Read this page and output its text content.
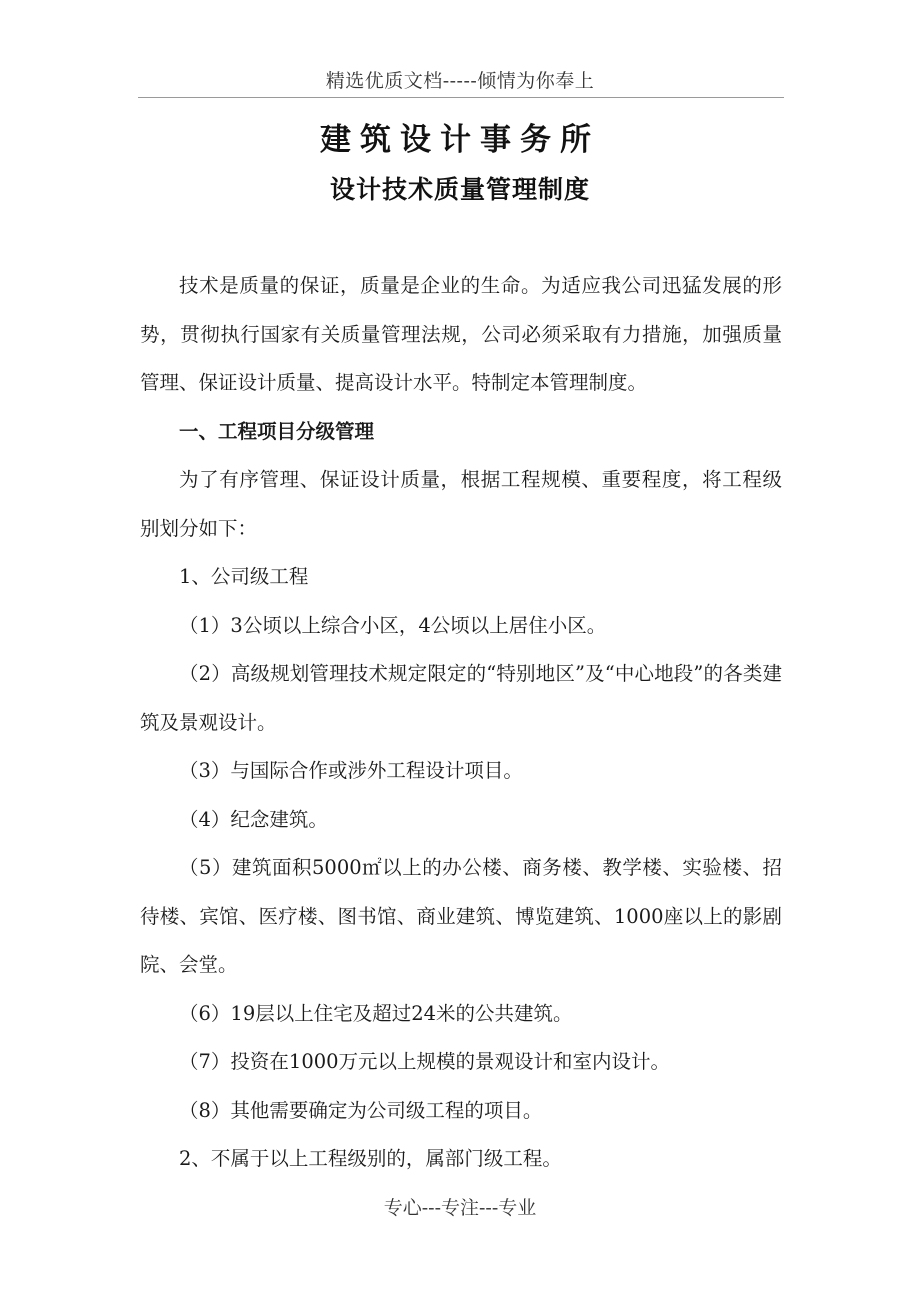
精选优质文档-----倾情为你奉上
建筑设计事务所
设计技术质量管理制度

技术是质量的保证，质量是企业的生命。为适应我公司迅猛发展的形势，贯彻执行国家有关质量管理法规，公司必须采取有力措施，加强质量管理、保证设计质量、提高设计水平。特制定本管理制度。

一、工程项目分级管理

为了有序管理、保证设计质量，根据工程规模、重要程度，将工程级别划分如下：

1、公司级工程

（1）3公顷以上综合小区，4公顷以上居住小区。

（2）高级规划管理技术规定限定的“特别地区”及“中心地段”的各类建筑及景观设计。

（3）与国际合作或涉外工程设计项目。

（4）纪念建筑。

（5）建筑面积5000㎡以上的办公楼、商务楼、教学楼、实验楼、招待楼、宾馆、医疗楼、图书馆、商业建筑、博览建筑、1000座以上的影剧院、会堂。

（6）19层以上住宅及超过24米的公共建筑。

（7）投资在1000万元以上规模的景观设计和室内设计。

（8）其他需要确定为公司级工程的项目。

2、不属于以上工程级别的，属部门级工程。

专心---专注---专业
